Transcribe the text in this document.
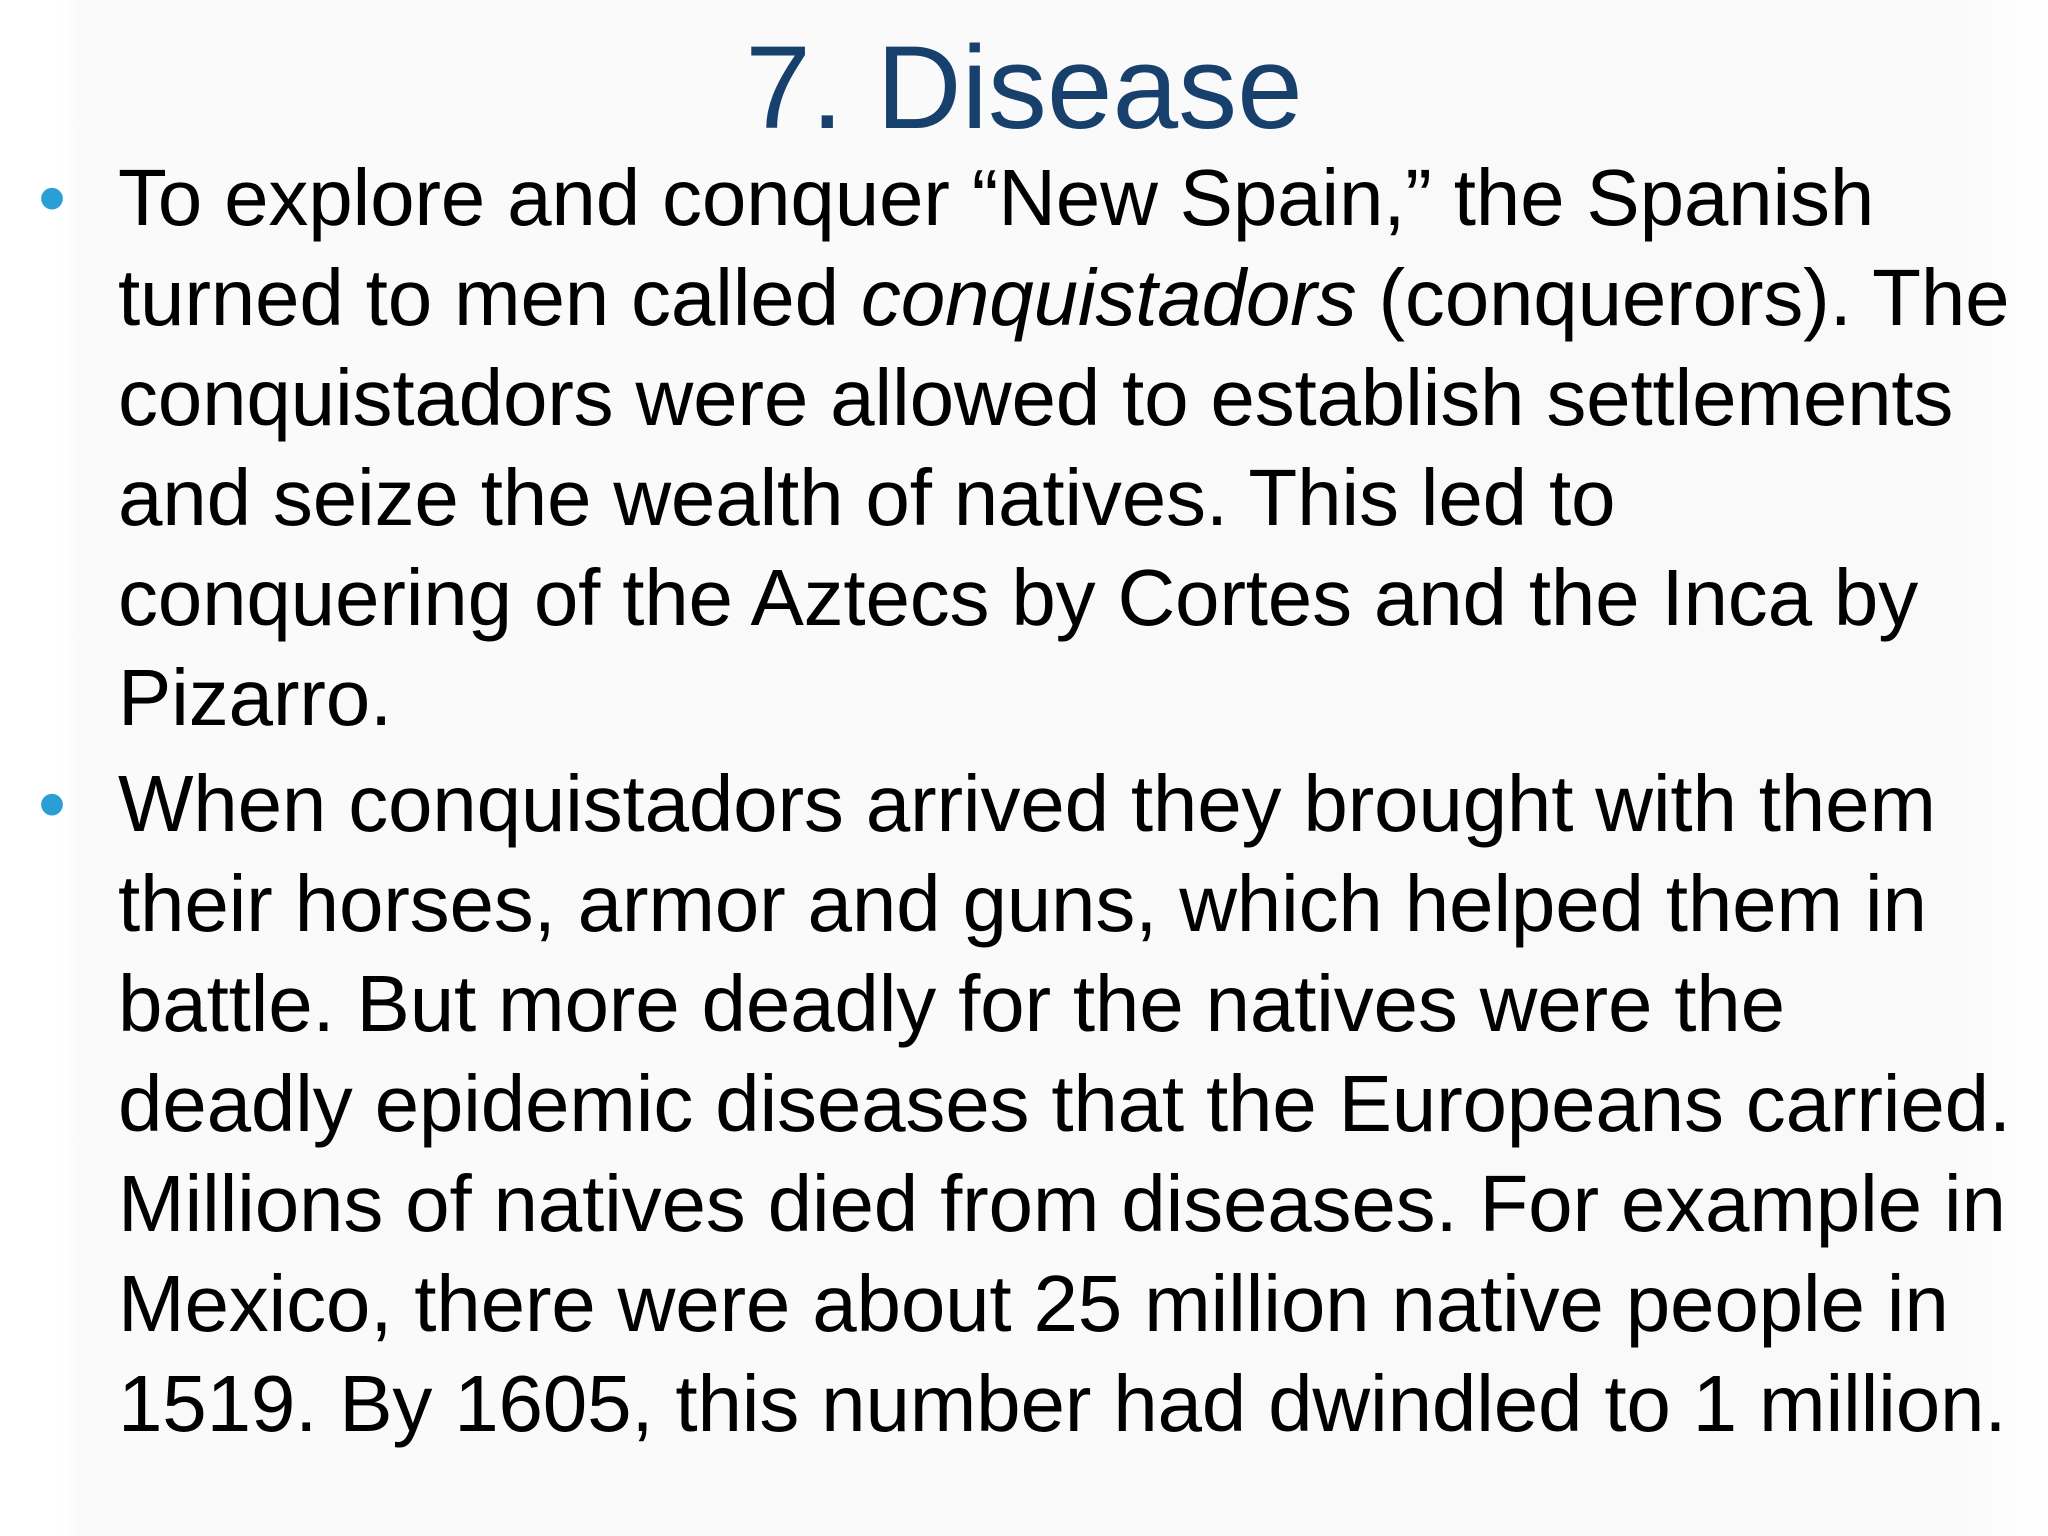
7. Disease
• To explore and conquer “New Spain,” the Spanish turned to men called conquistadors (conquerors). The conquistadors were allowed to establish settlements and seize the wealth of natives. This led to conquering of the Aztecs by Cortes and the Inca by Pizarro.
• When conquistadors arrived they brought with them their horses, armor and guns, which helped them in battle. But more deadly for the natives were the deadly epidemic diseases that the Europeans carried. Millions of natives died from diseases. For example in Mexico, there were about 25 million native people in 1519. By 1605, this number had dwindled to 1 million.
